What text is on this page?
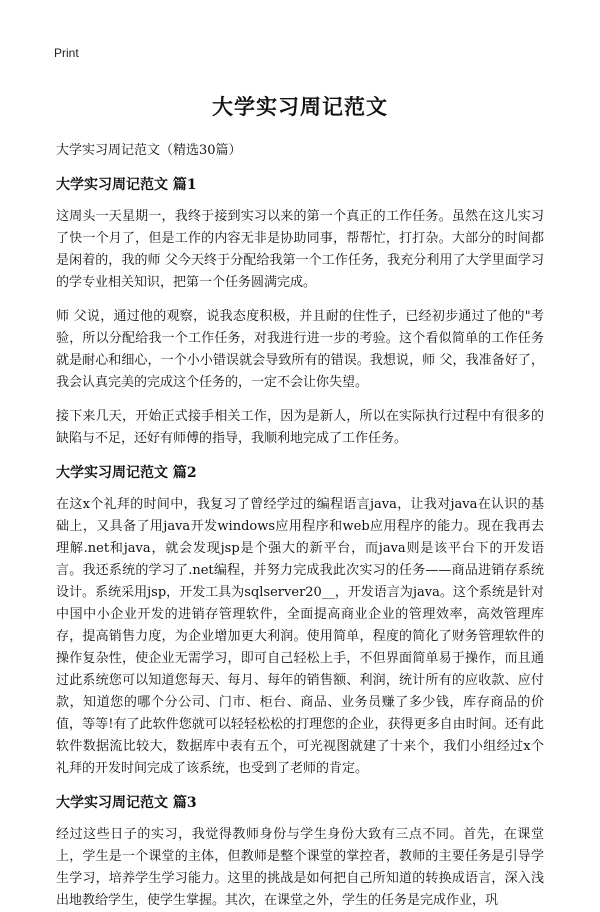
Print
大学实习周记范文
大学实习周记范文（精选30篇）
大学实习周记范文 篇1

这周头一天星期一，我终于接到实习以来的第一个真正的工作任务。虽然在这儿实习了快一个月了，但是工作的内容无非是协助同事，帮帮忙，打打杂。大部分的时间都是闲着的，我的师 父今天终于分配给我第一个工作任务，我充分利用了大学里面学习的学专业相关知识，把第一个任务圆满完成。

师 父说，通过他的观察，说我态度积极，并且耐的住性子，已经初步通过了他的"考验，所以分配给我一个工作任务，对我进行进一步的考验。这个看似简单的工作任务就是耐心和细心，一个小小错误就会导致所有的错误。我想说，师 父，我准备好了，我会认真完美的完成这个任务的，一定不会让你失望。

接下来几天，开始正式接手相关工作，因为是新人，所以在实际执行过程中有很多的缺陷与不足，还好有师傅的指导，我顺利地完成了工作任务。

大学实习周记范文 篇2

在这x个礼拜的时间中，我复习了曾经学过的编程语言java，让我对java在认识的基础上，又具备了用java开发windows应用程序和web应用程序的能力。现在我再去理解.net和java，就会发现jsp是个强大的新平台，而java则是该平台下的开发语言。我还系统的学习了.net编程，并努力完成我此次实习的任务——商品进销存系统设计。系统采用jsp，开发工具为sqlserver20__，开发语言为java。这个系统是针对中国中小企业开发的进销存管理软件，全面提高商业企业的管理效率，高效管理库存，提高销售力度，为企业增加更大利润。使用简单，程度的简化了财务管理软件的操作复杂性，使企业无需学习，即可自己轻松上手，不但界面简单易于操作，而且通过此系统您可以知道您每天、每月、每年的销售额、利润，统计所有的应收款、应付款，知道您的哪个分公司、门市、柜台、商品、业务员赚了多少钱，库存商品的价值，等等!有了此软件您就可以轻轻松松的打理您的企业，获得更多自由时间。还有此软件数据流比较大，数据库中表有五个，可光视图就建了十来个，我们小组经过x个礼拜的开发时间完成了该系统，也受到了老师的肯定。

大学实习周记范文 篇3

经过这些日子的实习，我觉得教师身份与学生身份大致有三点不同。首先，在课堂上，学生是一个课堂的主体，但教师是整个课堂的掌控者，教师的主要任务是引导学生学习，培养学生学习能力。这里的挑战是如何把自己所知道的转换成语言，深入浅出地教给学生，使学生掌握。其次，在课堂之外，学生的任务是完成作业，巩
